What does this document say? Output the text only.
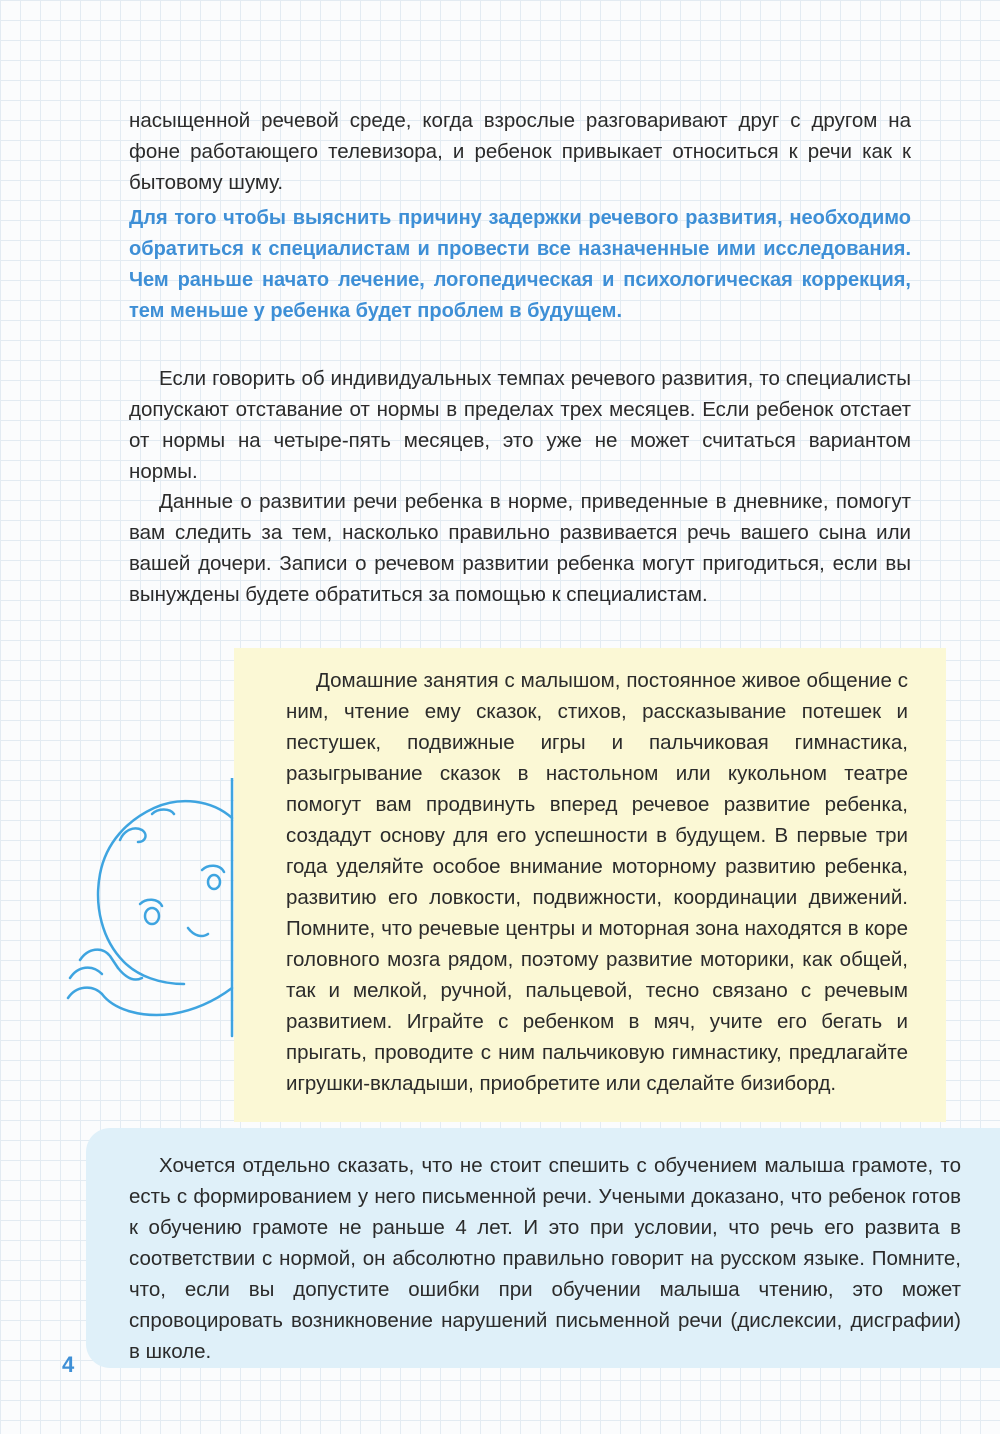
насыщенной речевой среде, когда взрослые разговаривают друг с другом на фоне работающего телевизора, и ребенок привыкает относиться к речи как к бытовому шуму.

Для того чтобы выяснить причину задержки речевого развития, необходимо обратиться к специалистам и провести все назначенные ими исследования. Чем раньше начато лечение, логопедическая и психологическая коррекция, тем меньше у ребенка будет проблем в будущем.

Если говорить об индивидуальных темпах речевого развития, то специалисты допускают отставание от нормы в пределах трех месяцев. Если ребенок отстает от нормы на четыре-пять месяцев, это уже не может считаться вариантом нормы.

Данные о развитии речи ребенка в норме, приведенные в дневнике, помогут вам следить за тем, насколько правильно развивается речь вашего сына или вашей дочери. Записи о речевом развитии ребенка могут пригодиться, если вы вынуждены будете обратиться за помощью к специалистам.

Домашние занятия с малышом, постоянное живое общение с ним, чтение ему сказок, стихов, рассказывание потешек и пестушек, подвижные игры и пальчиковая гимнастика, разыгрывание сказок в настольном или кукольном театре помогут вам продвинуть вперед речевое развитие ребенка, создадут основу для его успешности в будущем. В первые три года уделяйте особое внимание моторному развитию ребенка, развитию его ловкости, подвижности, координации движений. Помните, что речевые центры и моторная зона находятся в коре головного мозга рядом, поэтому развитие моторики, как общей, так и мелкой, ручной, пальцевой, тесно связано с речевым развитием. Играйте с ребенком в мяч, учите его бегать и прыгать, проводите с ним пальчиковую гимнастику, предлагайте игрушки-вкладыши, приобретите или сделайте бизиборд.

Хочется отдельно сказать, что не стоит спешить с обучением малыша грамоте, то есть с формированием у него письменной речи. Учеными доказано, что ребенок готов к обучению грамоте не раньше 4 лет. И это при условии, что речь его развита в соответствии с нормой, он абсолютно правильно говорит на русском языке. Помните, что, если вы допустите ошибки при обучении малыша чтению, это может спровоцировать возникновение нарушений письменной речи (дислексии, дисграфии) в школе.

4
